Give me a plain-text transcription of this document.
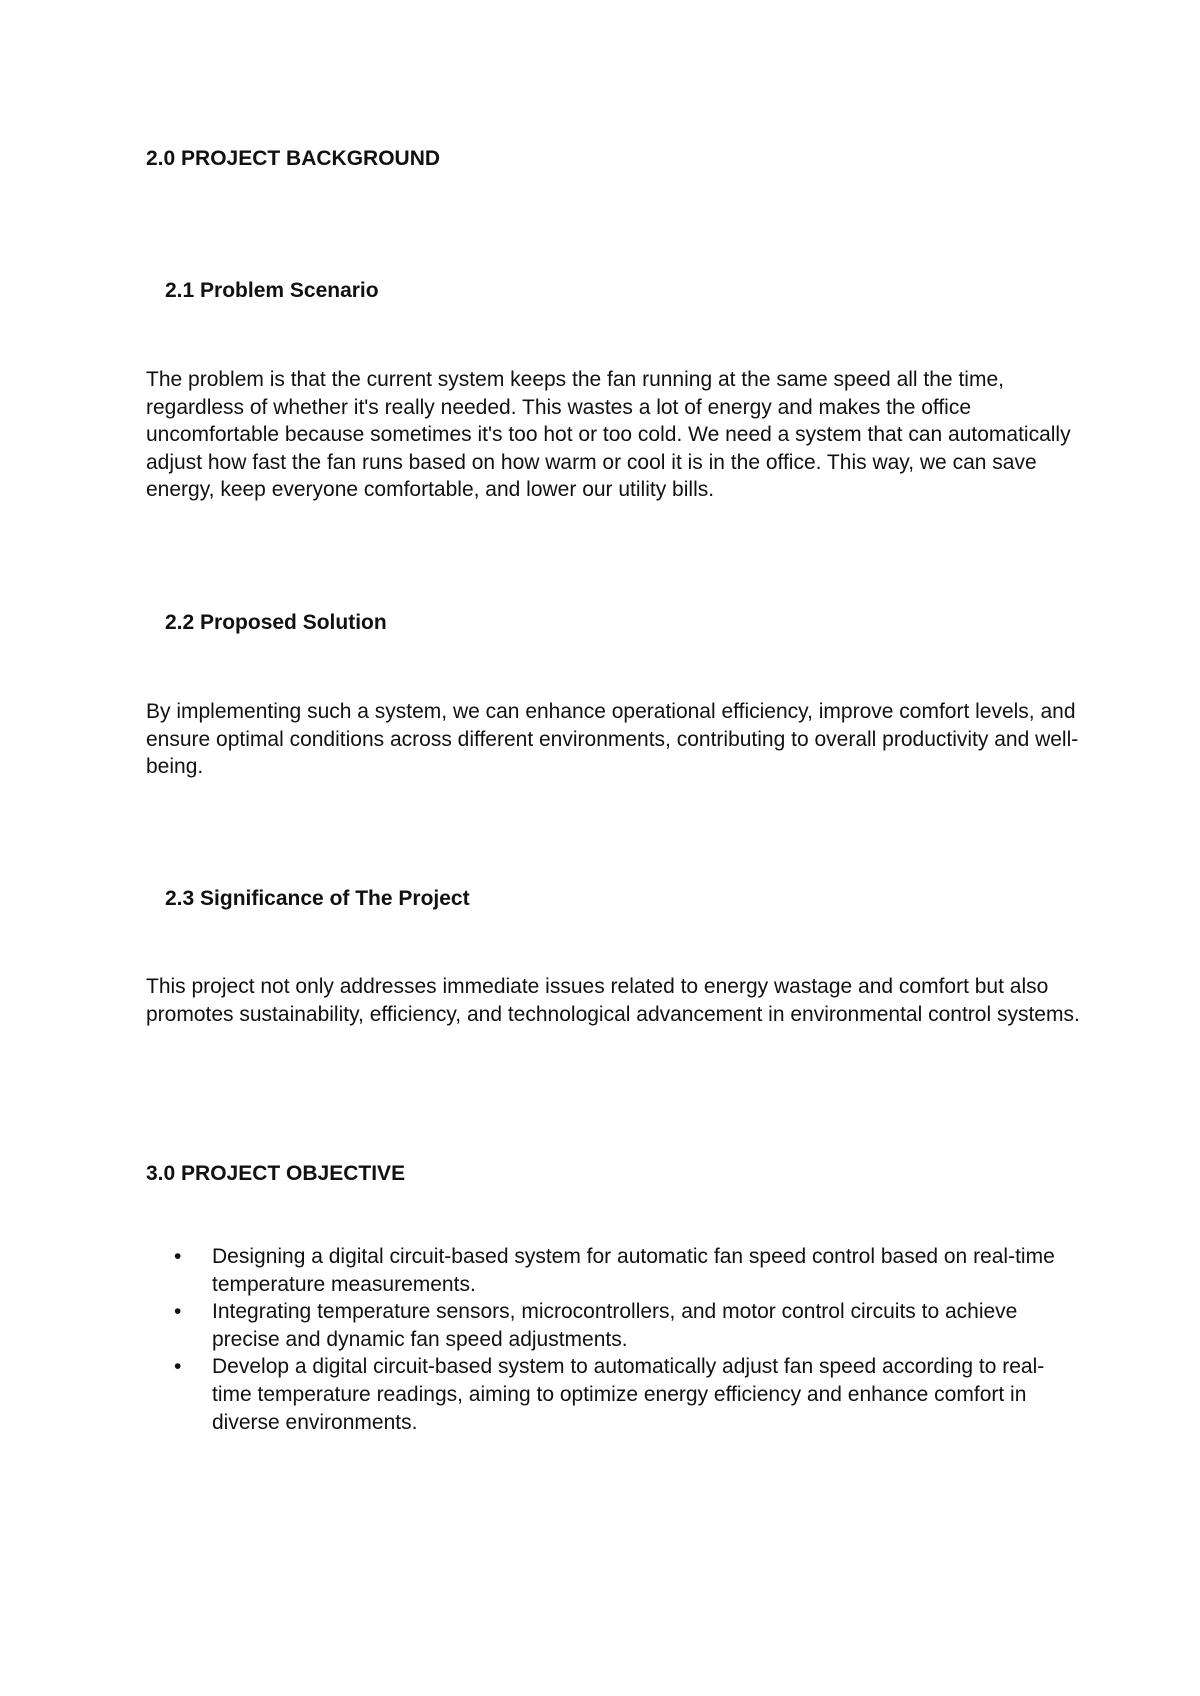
2.0 PROJECT BACKGROUND
2.1 Problem Scenario

The problem is that the current system keeps the fan running at the same speed all the time, regardless of whether it's really needed. This wastes a lot of energy and makes the office uncomfortable because sometimes it's too hot or too cold. We need a system that can automatically adjust how fast the fan runs based on how warm or cool it is in the office. This way, we can save energy, keep everyone comfortable, and lower our utility bills.

2.2 Proposed Solution

By implementing such a system, we can enhance operational efficiency, improve comfort levels, and ensure optimal conditions across different environments, contributing to overall productivity and well-being.

2.3 Significance of The Project

This project not only addresses immediate issues related to energy wastage and comfort but also promotes sustainability, efficiency, and technological advancement in environmental control systems.

3.0 PROJECT OBJECTIVE
• Designing a digital circuit-based system for automatic fan speed control based on real-time temperature measurements.
• Integrating temperature sensors, microcontrollers, and motor control circuits to achieve precise and dynamic fan speed adjustments.
• Develop a digital circuit-based system to automatically adjust fan speed according to real-time temperature readings, aiming to optimize energy efficiency and enhance comfort in diverse environments.
